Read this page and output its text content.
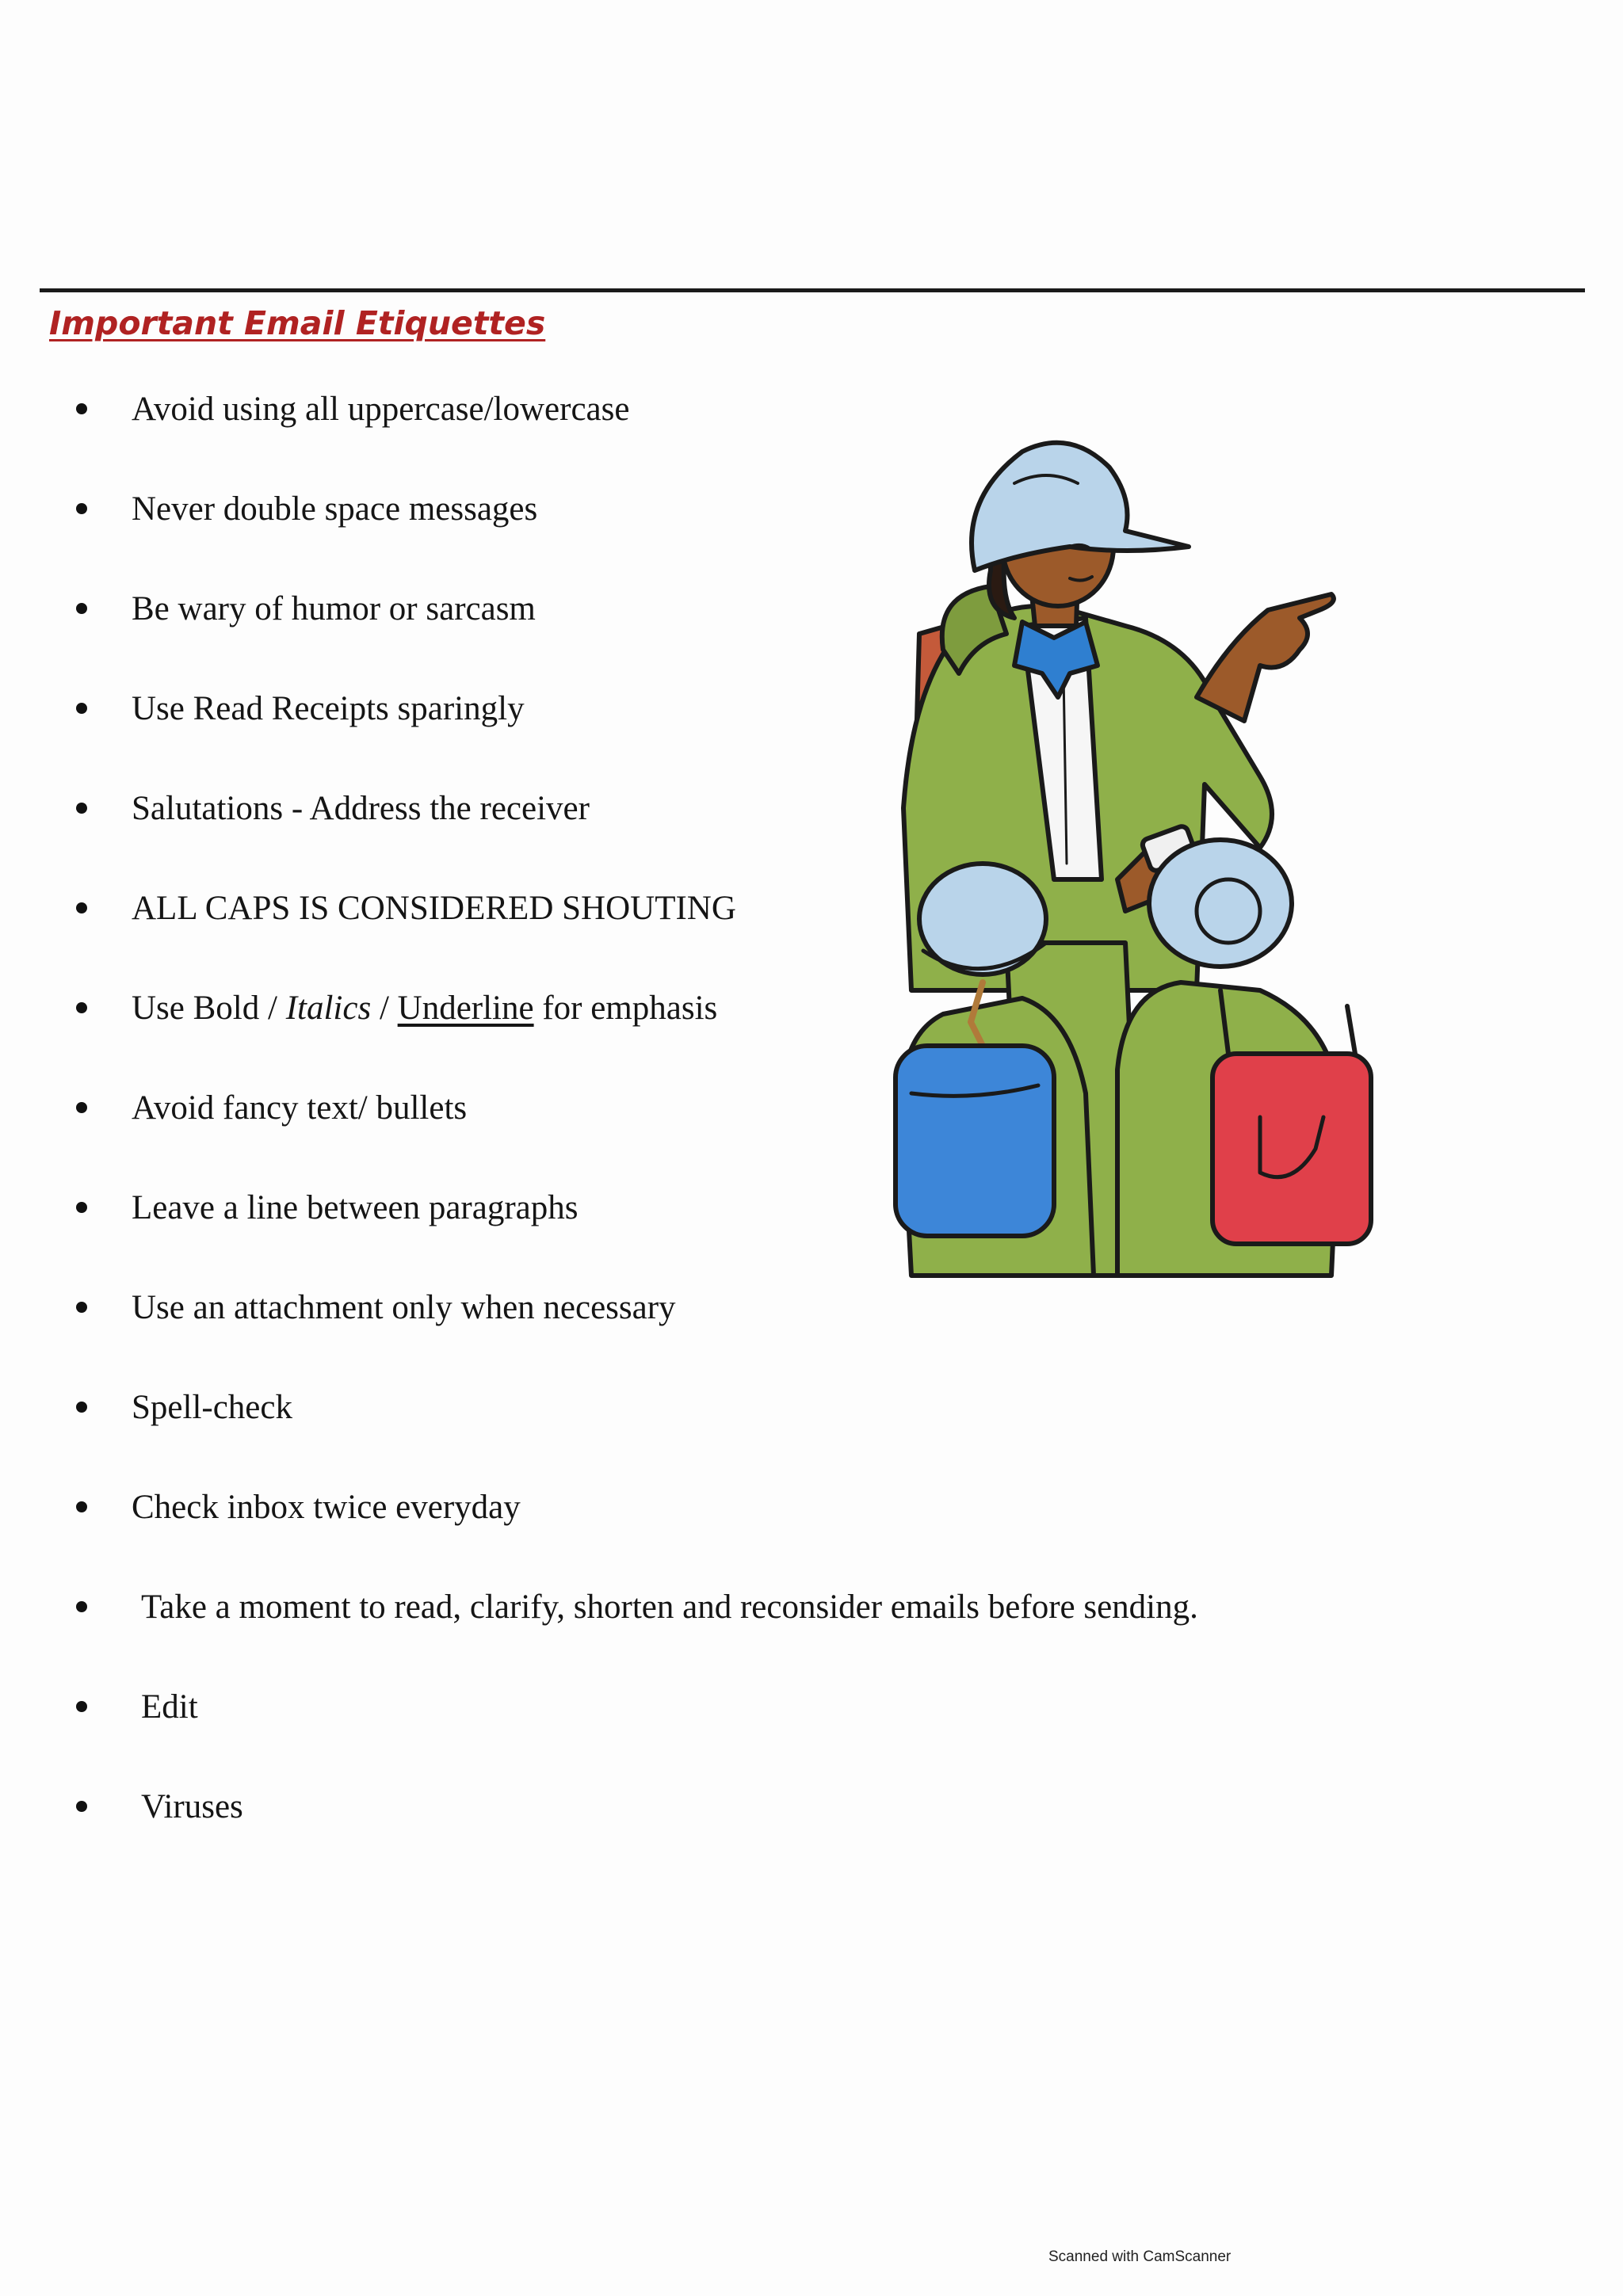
Important Email Etiquettes
Avoid using all uppercase/lowercase
Never double space messages
Be wary of humor or sarcasm
Use Read Receipts sparingly
Salutations - Address the receiver
ALL CAPS IS CONSIDERED SHOUTING
Use Bold / Italics / Underline for emphasis
Avoid fancy text/ bullets
Leave a line between paragraphs
Use an attachment only when necessary
Spell-check
Check inbox twice everyday
Take a moment to read, clarify, shorten and reconsider emails before sending.
Edit
Viruses
Scanned with CamScanner
